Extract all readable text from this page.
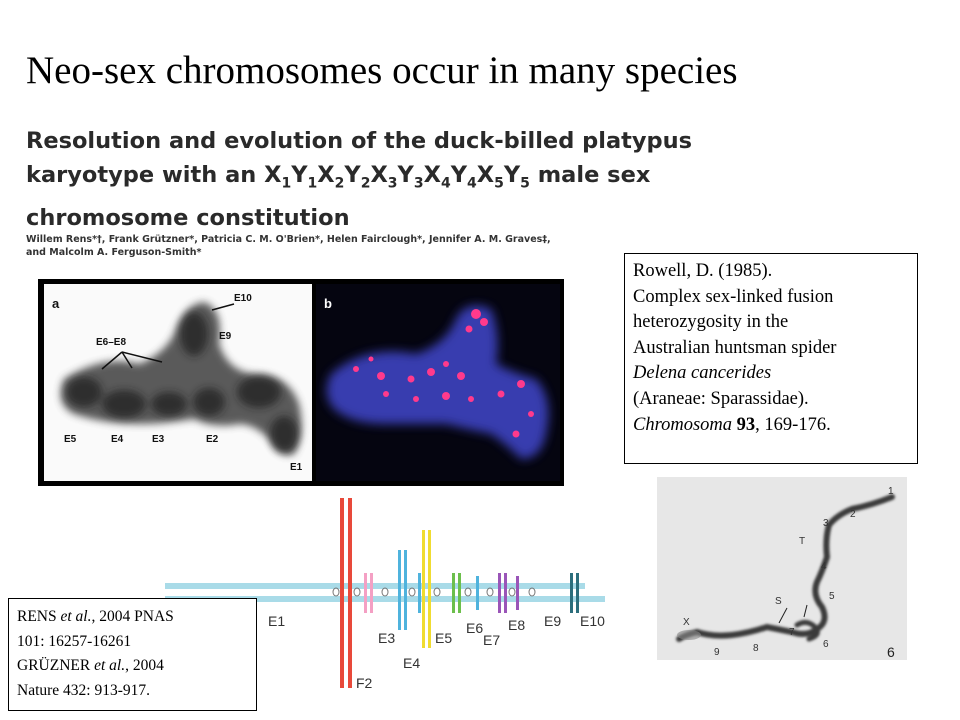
Neo-sex chromosomes occur in many species
Resolution and evolution of the duck-billed platypus
karyotype with an $X_1Y_1X_2Y_2X_3Y_3X_4Y_4X_5Y_5$ male sex
chromosome constitution
Willem Rens*†, Frank Grützner*, Patricia C. M. O'Brien*, Helen Fairclough*, Jennifer A. M. Graves‡,
and Malcolm A. Ferguson-Smith*
a	E10
E9
E6–E8
E5	E4	E3	E2
E1
b
Rowell, D. (1985).
Complex sex-linked fusion
heterozygosity in the
Australian huntsman spider
Delena cancerides
(Araneae: Sparassidae).
Chromosoma 93, 169-176.
E1
F2
E3
E4
E5
E6
E7
E8 E9 E10
RENS et al., 2004 PNAS
101: 16257-16261
GRÜZNER et al., 2004
Nature 432: 913-917.
1
2
3
T
4
5
S
7
6
X
9	8	6
